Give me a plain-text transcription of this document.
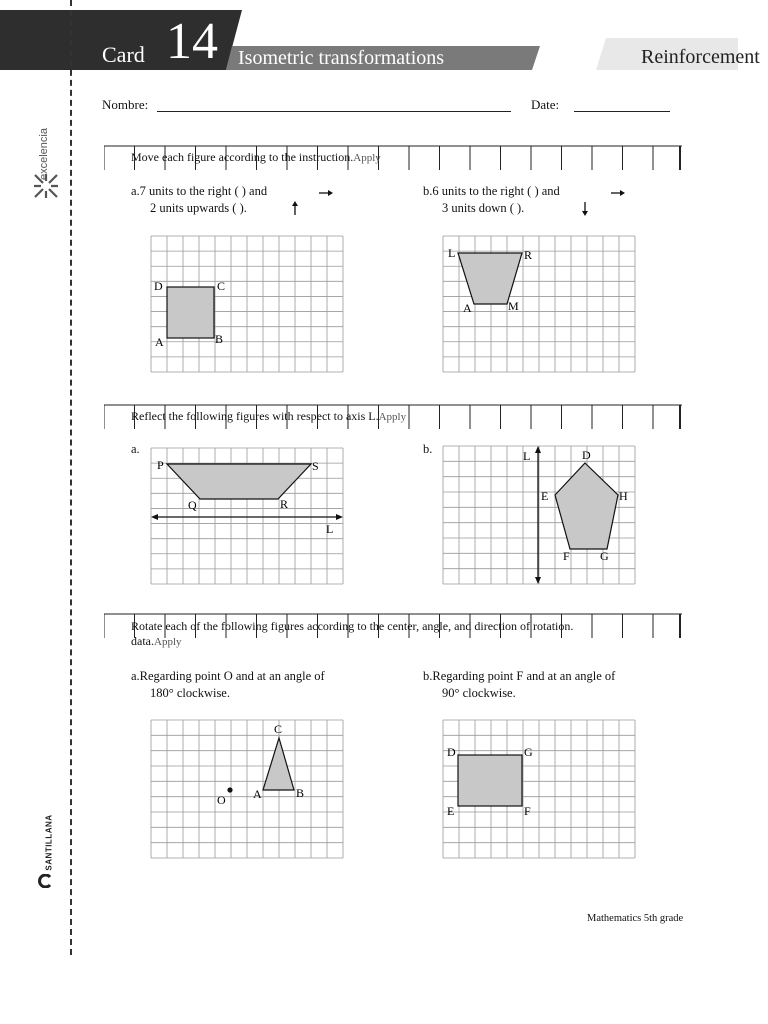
Card 14 Isometric transformations	Reinforcement
excelencia
SANTILLANA
Nombre:	Date:
Move each figure according to the instruction.Apply
a.7 units to the right ( ) and
2 units upwards ( ).
b.6 units to the right ( ) and
3 units down ( ).
D	C
A	B
L	R
A	M
Reflect the following figures with respect to axis L.Apply
a.	b.
P	S
Q	R
L
L	D
E	H
F	G
Rotate each of the following figures according to the center, angle, and direction of rotation.
data.Apply
a.Regarding point O and at an angle of
180° clockwise.
b.Regarding point F and at an angle of
90° clockwise.
C
O A	B
D	G
E	F
Mathematics 5th grade
